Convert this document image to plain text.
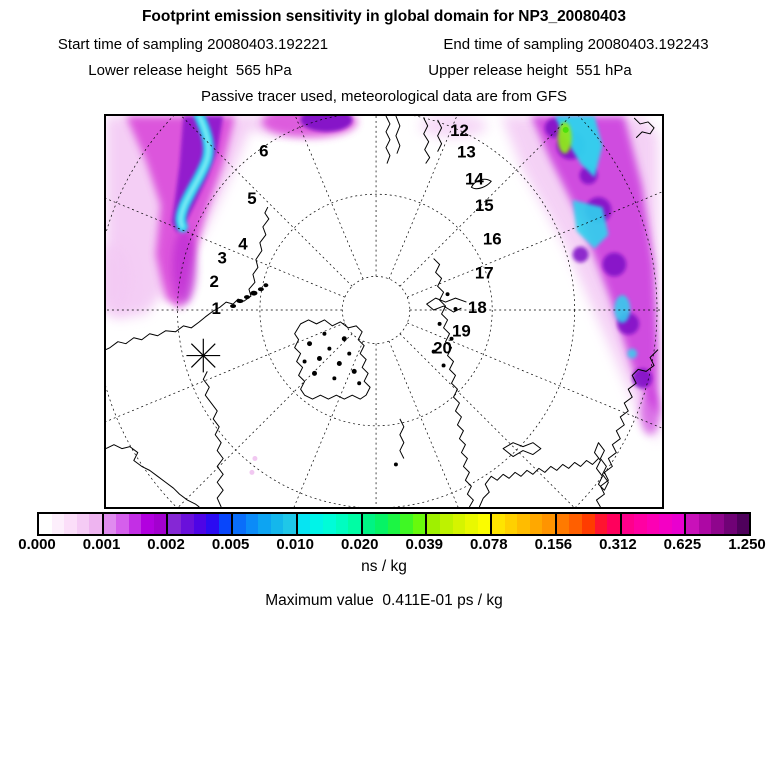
Footprint emission sensitivity in global domain for NP3_20080403
Start time of sampling 20080403.192221	End time of sampling 20080403.192243
Lower release height  565 hPa	Upper release height  551 hPa
Passive tracer used, meteorological data are from GFS
1
2
3
4
5
6
12
13
14
15
16
17
18
19
20
0.000 0.001 0.002 0.005 0.010 0.020 0.039 0.078 0.156 0.312 0.625 1.250
ns / kg
Maximum value  0.411E-01 ps / kg
